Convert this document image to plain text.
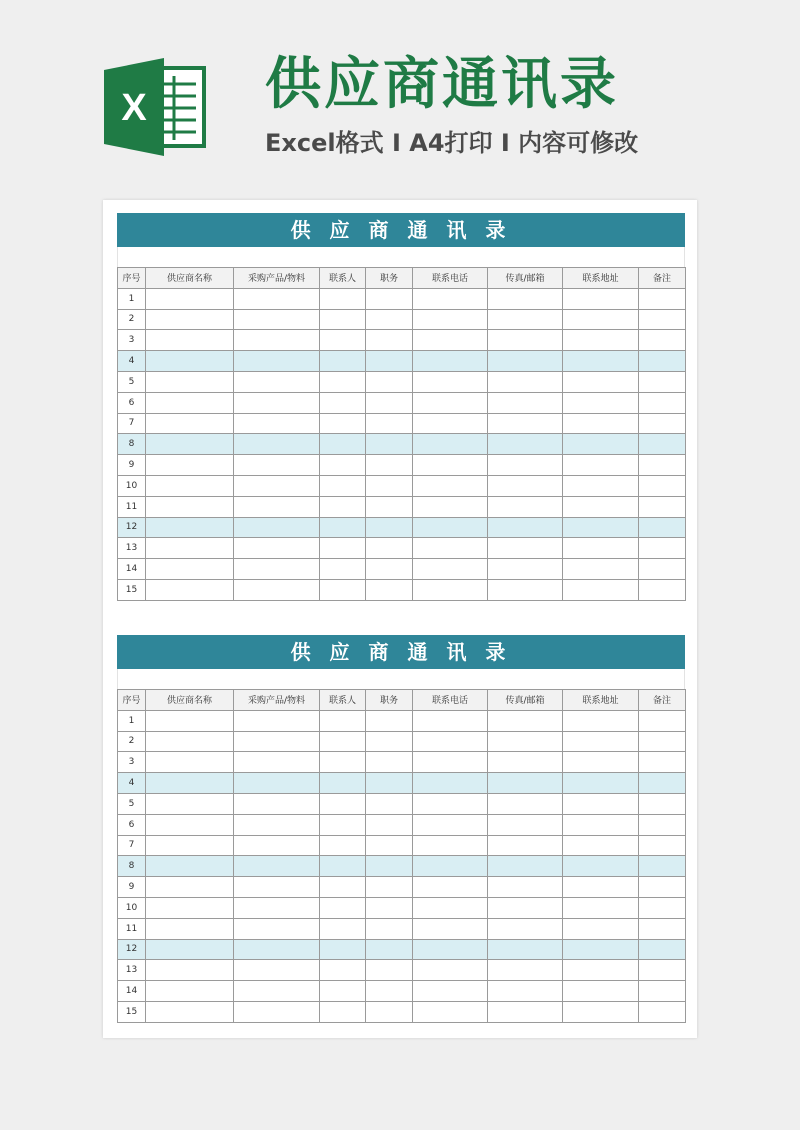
X 供应商通讯录
Excel格式 I A4打印 I 内容可修改
供 应 商 通 讯 录
序号	供应商名称	采购产品/物料	联系人	职务	联系电话	传真/邮箱	联系地址	备注
1								
2								
3								
4								
5								
6								
7								
8								
9								
10								
11								
12								
13								
14								
15								
供 应 商 通 讯 录
序号	供应商名称	采购产品/物料	联系人	职务	联系电话	传真/邮箱	联系地址	备注
1								
2								
3								
4								
5								
6								
7								
8								
9								
10								
11								
12								
13								
14								
15								
